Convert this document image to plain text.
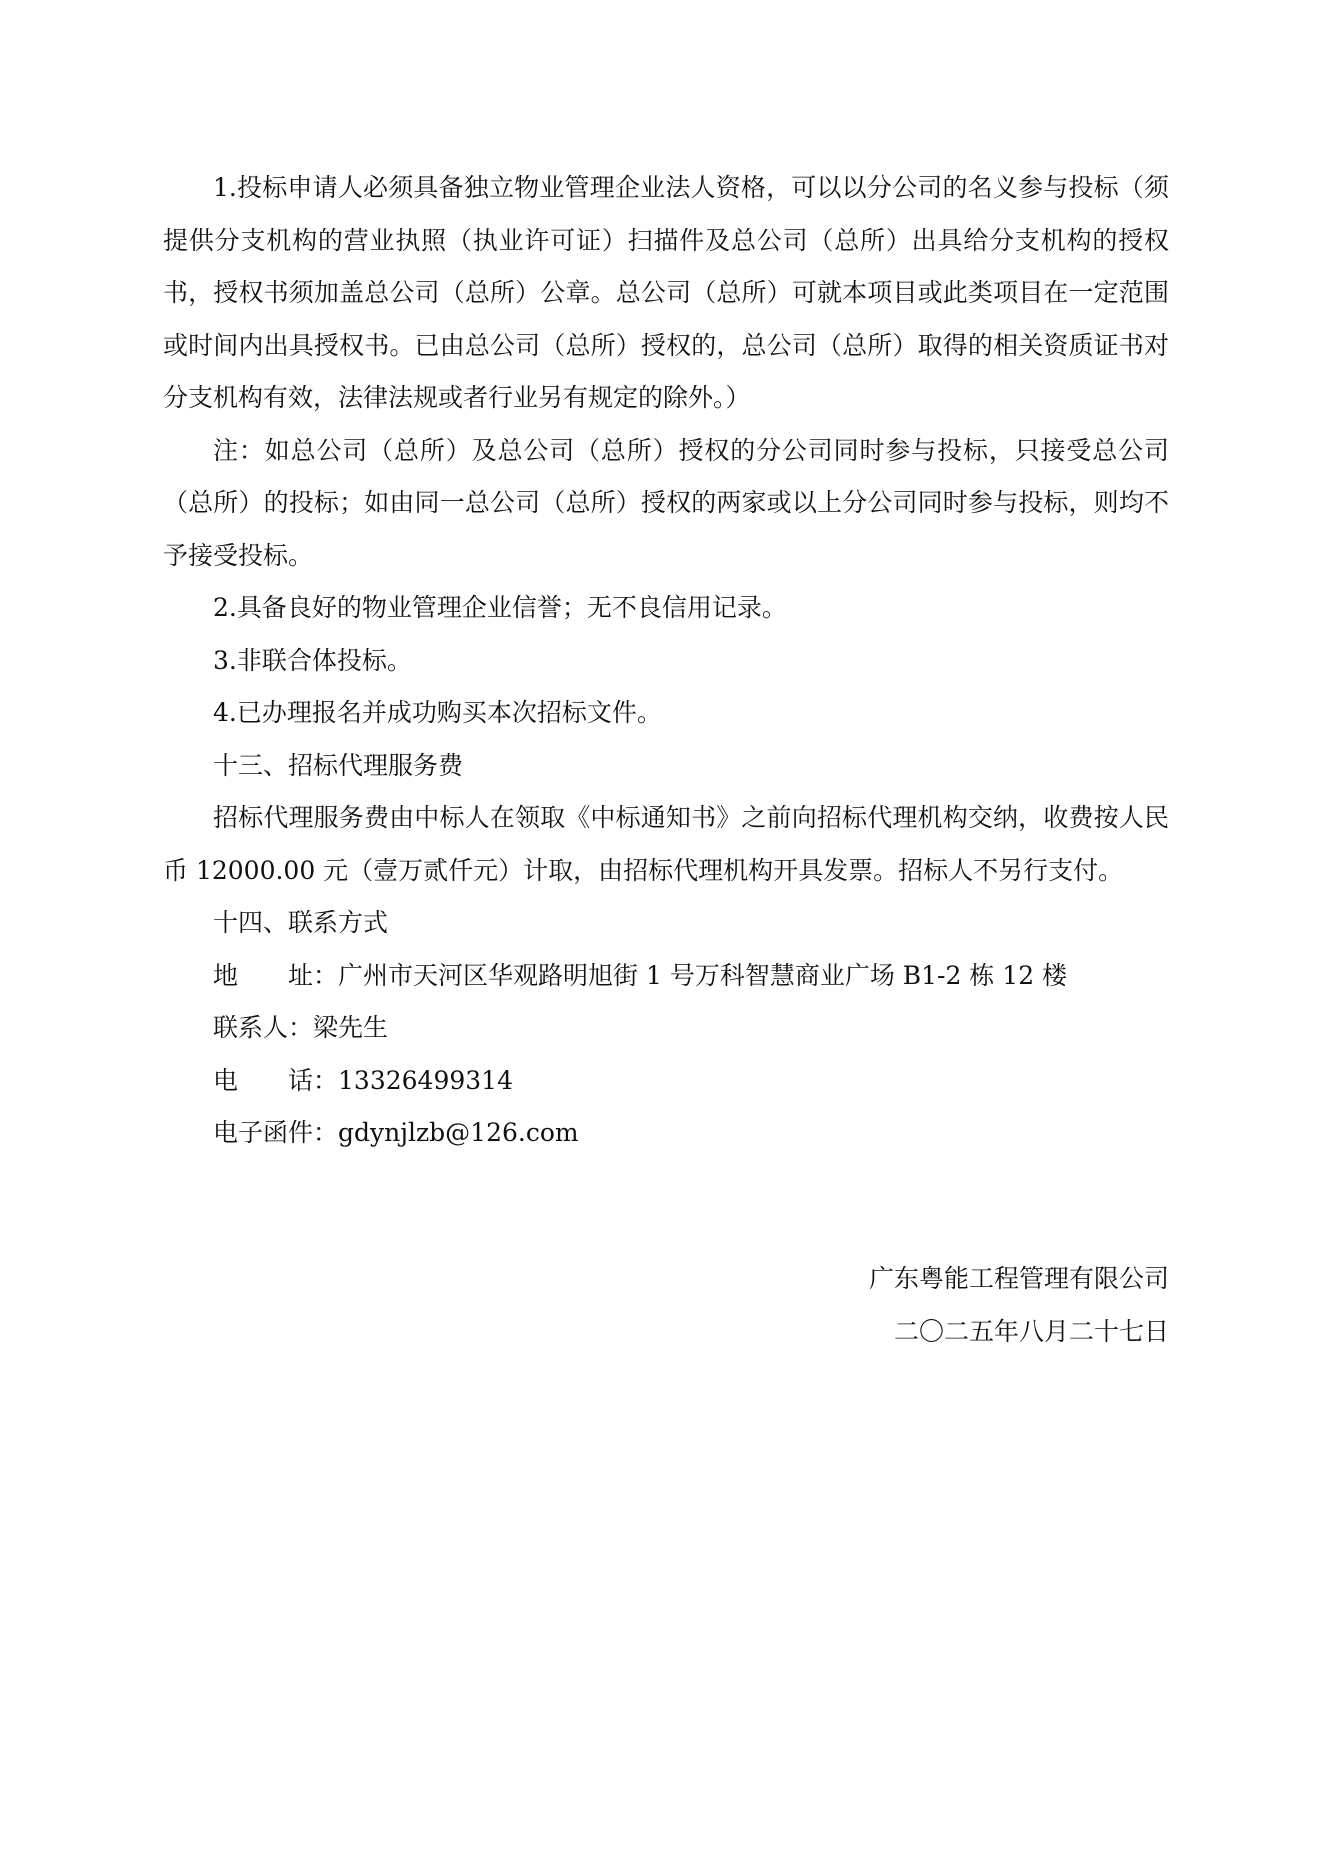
1.投标申请人必须具备独立物业管理企业法人资格，可以以分公司的名义参与投标（须提供分支机构的营业执照（执业许可证）扫描件及总公司（总所）出具给分支机构的授权书，授权书须加盖总公司（总所）公章。总公司（总所）可就本项目或此类项目在一定范围或时间内出具授权书。已由总公司（总所）授权的，总公司（总所）取得的相关资质证书对分支机构有效，法律法规或者行业另有规定的除外。）

注：如总公司（总所）及总公司（总所）授权的分公司同时参与投标，只接受总公司（总所）的投标；如由同一总公司（总所）授权的两家或以上分公司同时参与投标，则均不予接受投标。

2.具备良好的物业管理企业信誉；无不良信用记录。

3.非联合体投标。

4.已办理报名并成功购买本次招标文件。

十三、招标代理服务费

招标代理服务费由中标人在领取《中标通知书》之前向招标代理机构交纳，收费按人民币 12000.00 元（壹万贰仟元）计取，由招标代理机构开具发票。招标人不另行支付。

十四、联系方式

地　　址：广州市天河区华观路明旭街 1 号万科智慧商业广场 B1-2 栋 12 楼

联系人：梁先生

电　　话：13326499314

电子函件：gdynjlzb@126.com

广东粤能工程管理有限公司
二〇二五年八月二十七日
